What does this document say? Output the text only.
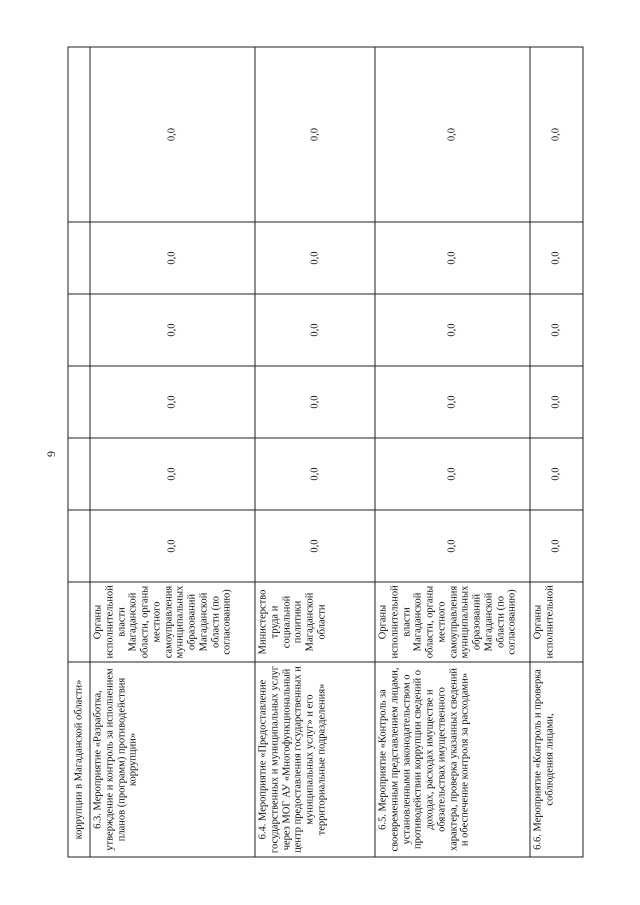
9
коррупции в Магаданской области»							
6.3. Мероприятие «Разработка, утверждение и контроль за исполнением планов (программ) противодействия коррупции»	Органы исполнительной власти Магаданской области, органы местного самоуправления муниципальных образований Магаданской области (по согласованию)	0,0	0,0	0,0	0,0	0,0	0,0
6.4. Мероприятие «Предоставление государственных и муниципальных услуг через МОГ АУ «Многофункциональный центр предоставления государственных и муниципальных услуг» и его территориальные подразделения»	Министерство труда и социальной политики Магаданской области	0,0	0,0	0,0	0,0	0,0	0,0
6.5. Мероприятие «Контроль за своевременным представлением лицами, установленными законодательством о противодействии коррупции сведений о доходах, расходах имуществе и обязательствах имущественного характера, проверка указанных сведений и обеспечение контроля за расходами»	Органы исполнительной власти Магаданской области, органы местного самоуправления муниципальных образований Магаданской области (по согласованию)	0,0	0,0	0,0	0,0	0,0	0,0
6.6. Мероприятие «Контроль и проверка соблюдения лицами,	Органы исполнительной	0,0	0,0	0,0	0,0	0,0	0,0
